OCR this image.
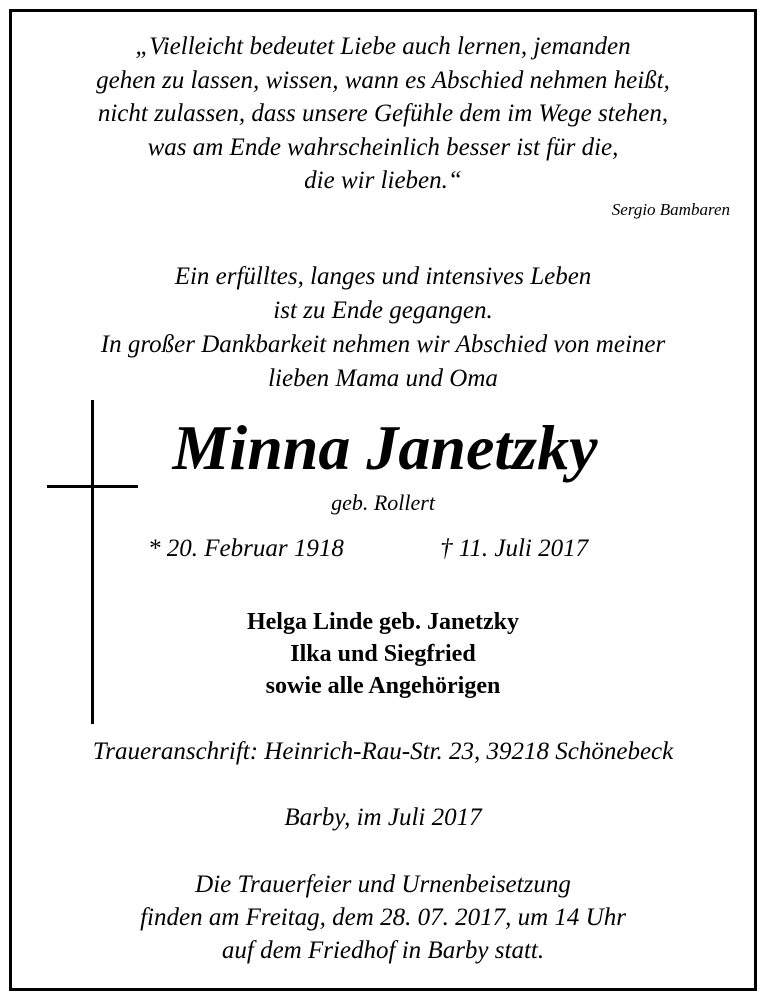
„Vielleicht bedeutet Liebe auch lernen, jemanden
gehen zu lassen, wissen, wann es Abschied nehmen heißt,
nicht zulassen, dass unsere Gefühle dem im Wege stehen,
was am Ende wahrscheinlich besser ist für die,
die wir lieben.“
Sergio Bambaren
Ein erfülltes, langes und intensives Leben
ist zu Ende gegangen.
In großer Dankbarkeit nehmen wir Abschied von meiner
lieben Mama und Oma
Minna Janetzky
geb. Rollert
* 20. Februar 1918	† 11. Juli 2017
Helga Linde geb. Janetzky
Ilka und Siegfried
sowie alle Angehörigen
Traueranschrift: Heinrich-Rau-Str. 23, 39218 Schönebeck
Barby, im Juli 2017
Die Trauerfeier und Urnenbeisetzung
finden am Freitag, dem 28. 07. 2017, um 14 Uhr
auf dem Friedhof in Barby statt.
